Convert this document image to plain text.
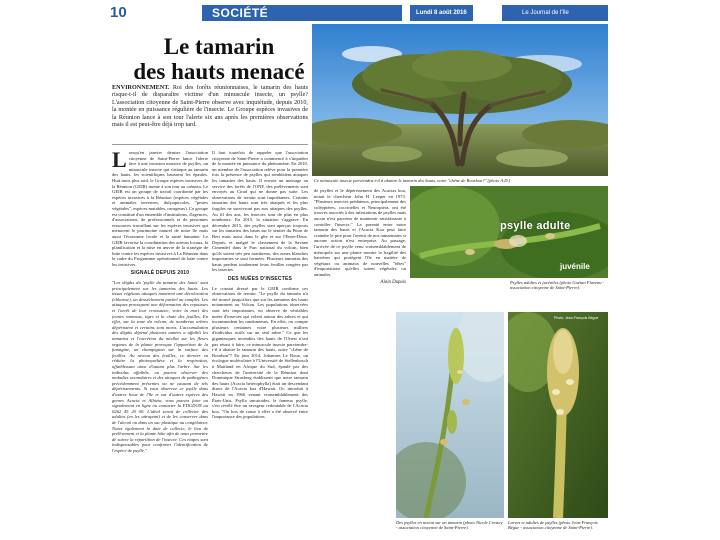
10	SOCIÉTÉ	Lundi 8 août 2016	Le Journal de l'île
Le tamarin
des hauts menacé
ENVIRONNEMENT. Roi des forêts réunionnaises, le tamarin des hauts risque-t-il de disparaître victime d'un minuscule insecte, un psylle? L'association citoyenne de Saint-Pierre observe avec inquiétude, depuis 2010, la montée en puissance régulière de l'insecte. Le Groupe espèces invasives de la Réunion lance à son tour l'alerte six ans après les premières observations mais il est peut-être déjà trop tard.
L orsqu'en janvier dernier l'association citoyenne de Saint-Pierre lance l'alerte face à une invasion massive de psylles, un minuscule insecte qui s'attaque au tamarin des hauts, les scientifiques haussent les épaules. Huit mois plus tard, le Groupe espèces invasives de la Réunion (GEIR) monte à son tour au créneau. Le GEIR est un groupe de travail coordonné par les espèces invasives à la Réunion (espèces végétales et animales terrestres, dulçaquicoles, "pestes végétales", espèces mutables, ravageurs). Ce groupe est constitué d'un ensemble d'institutions, d'agences, d'associations, de professionnels et de personnes ressources travaillant sur les espèces invasives qui menacent le patrimoine naturel de notre île mais aussi l'économie locale et la santé humaine. Le GEIR favorise la coordination des acteurs locaux, la planification et la mise en œuvre de la stratégie de lutte contre les espèces invasives à La Réunion dans le cadre du Programme opérationnel de lutte contre les invasives.

SIGNALÉ DEPUIS 2010

"Les dégâts du 'psylle du tamarin des hauts' sont principalement sur les tamarins des hauts. Les tissus végétaux attaqués montrent une décoloration (chlorose), un dessèchement partiel ou complet. Les attaques provoquent une déformation des repousses et l'arrêt de leur croissance, voire la mort des jeunes rameaux, tiges et la chute des feuilles. En effet, sur la zone du volcan, de nombreux arbres dépérissent et certains sont morts. L'accumulation des dégâts dépend plusieurs années a affaibli les tamarins et l'excrétion du miellat sur les fleurs organes de la plante provoque l'apparition de la fumagine, un champignon sur la surface des feuilles. Au niveau des feuilles, ce dernier va réduire la photosynthèse et la respiration, affaiblissant ainsi d'autant plus l'arbre. Sur les individus affaiblis, on pourra observer des maladies secondaires et des attaques de pathogènes précédemment présentes ou ne causant de tels dépérissements. Si vous observez ce psylle dans d'autres lieux de l'île et sur d'autres espèces des genres Acacia et Albizia, vous pouvez faire un signalement en ligne ou contacter la FDGDON au 0262 45 20 00. L'idéal serait de collecter des adultes (en les attrapant) et de les conserver dans de l'alcool ou dans un sac plastique au congélateur. Notez également la date de collecte, le lieu de prélèvement et la plante hôte afin de nous permettre de suivre la répartition de l'insecte. Ces étapes sont indispensables pour confirmer l'identification de l'espèce de psylle."

Il faut toutefois de rappeler que l'association citoyenne de Saint-Pierre a commencé à s'inquiéter de la montée en puissance du phénomène. En 2010, un membre de l'association relève pour la première fois la présence de psylles qui semblaient attaquer les tamarins des hauts. Il envoie un message au service des forêts de l'ONF, des prélèvements sont envoyés au Cirad qui ne donne pas suite. Les observations de terrain sont inquiétantes. Certains tamarins des hauts sont très attaqués et les plus fragiles ne survivront pas aux attaques des psylles. Au fil des ans, les insectes sont de plus en plus nombreux. En 2015, la situation s'aggrave. En décembre 2015, des psylles sont aperçus toujours sur les tamarins des hauts sur le sentier du Piton de Bert mais aussi dans le gîte et sur l'Entre-Deux. Depuis, et malgré le classement de la Savane Cimendef dans le Parc national du volcan, bien qu'ils soient très peu nombreux, des zones blanches importantes se sont formées. Plusieurs tamarins des hauts perdent totalement leurs feuilles rongées par les insectes.

DES NUÉES D'INSECTES

Le constat dressé par le GEIR confirme ces observations de terrain. "Le psylle du tamarin n'a été trouvé jusqu'alors que sur les tamarins des hauts notamment au Volcan. Les populations observées sont très importantes, on observe de véritables nuées d'insectes qui volent autour des arbres et qui incommodent les randonneurs. En effet, on compte plusieurs centaines voire plusieurs milliers d'individus actifs sur un seul arbre." Ce que les gigantesques incendies des hauts de l'Ouest n'ont pas réussi à faire, ce minuscule insecte parviendra-t-il à abattre le tamarin des hauts, notre "chêne de Bourbon"? En juin 2014, Johannes Le Roux, un écologue moléculaire à l'Université de Stellenbosch à Maitland en Afrique du Sud, épaulé par des chercheurs de l'université de la Réunion dont Dominique Strasberg établissent que notre tamarin des hauts (Acacia heterophylla) était un descendant direct de l'Acacia koa d'Hawaii. Or, introduit à Hawaii en 1966 venant vraisemblablement des États-Unis, Psylla uncatoides, le fameux psylle, s'est révélé être un ravageur redoutable de l'Acacia koa. "On lors de cause à effet a été observé entre l'importance des populations

Ce minuscule insecte parviendra-t-il à abattre le tamarin des hauts, notre "chêne de Bourbon?" (photo A.D.)

de psylles et le dépérissement des Acacias koa, notait le chercheur John H. Leeper en 1973. "Plusieurs insectes prédateurs, principalement des coléoptères, coccinelles et Neuroptera, ont été trouvés associés à des infestations de psylles mais aucun n'est parvenu de maintenir satisfaisante à contrôler l'insecte." La parenté entre notre tamarin des hauts et l'Acacia Koa peut faire craindre le pire pour l'avenir de nos tamarinaies si aucune action n'est entreprise. Au passage, l'arrivée de ce psylle venu vraisemblablement de métropole sur une plante montre la fragilité des barrières qui protègent l'île en matière de végétaux ou animaux de nouvelles "bêtes" d'importations qu'elles soient végétales ou animales.

Alain Dupuis
psylle adulte
juvénile
Psylles adultes et juvéniles (photo Gaëtan Flavenu - association citoyenne de Saint-Pierre).
Des psylles en action sur un tamarin (photo Nicole Crestey - association citoyenne de Saint-Pierre).
Photo: Jean-François Bégue
Larves et adultes de psylles (photo Jean-François Bègue - association citoyenne de Saint-Pierre).
